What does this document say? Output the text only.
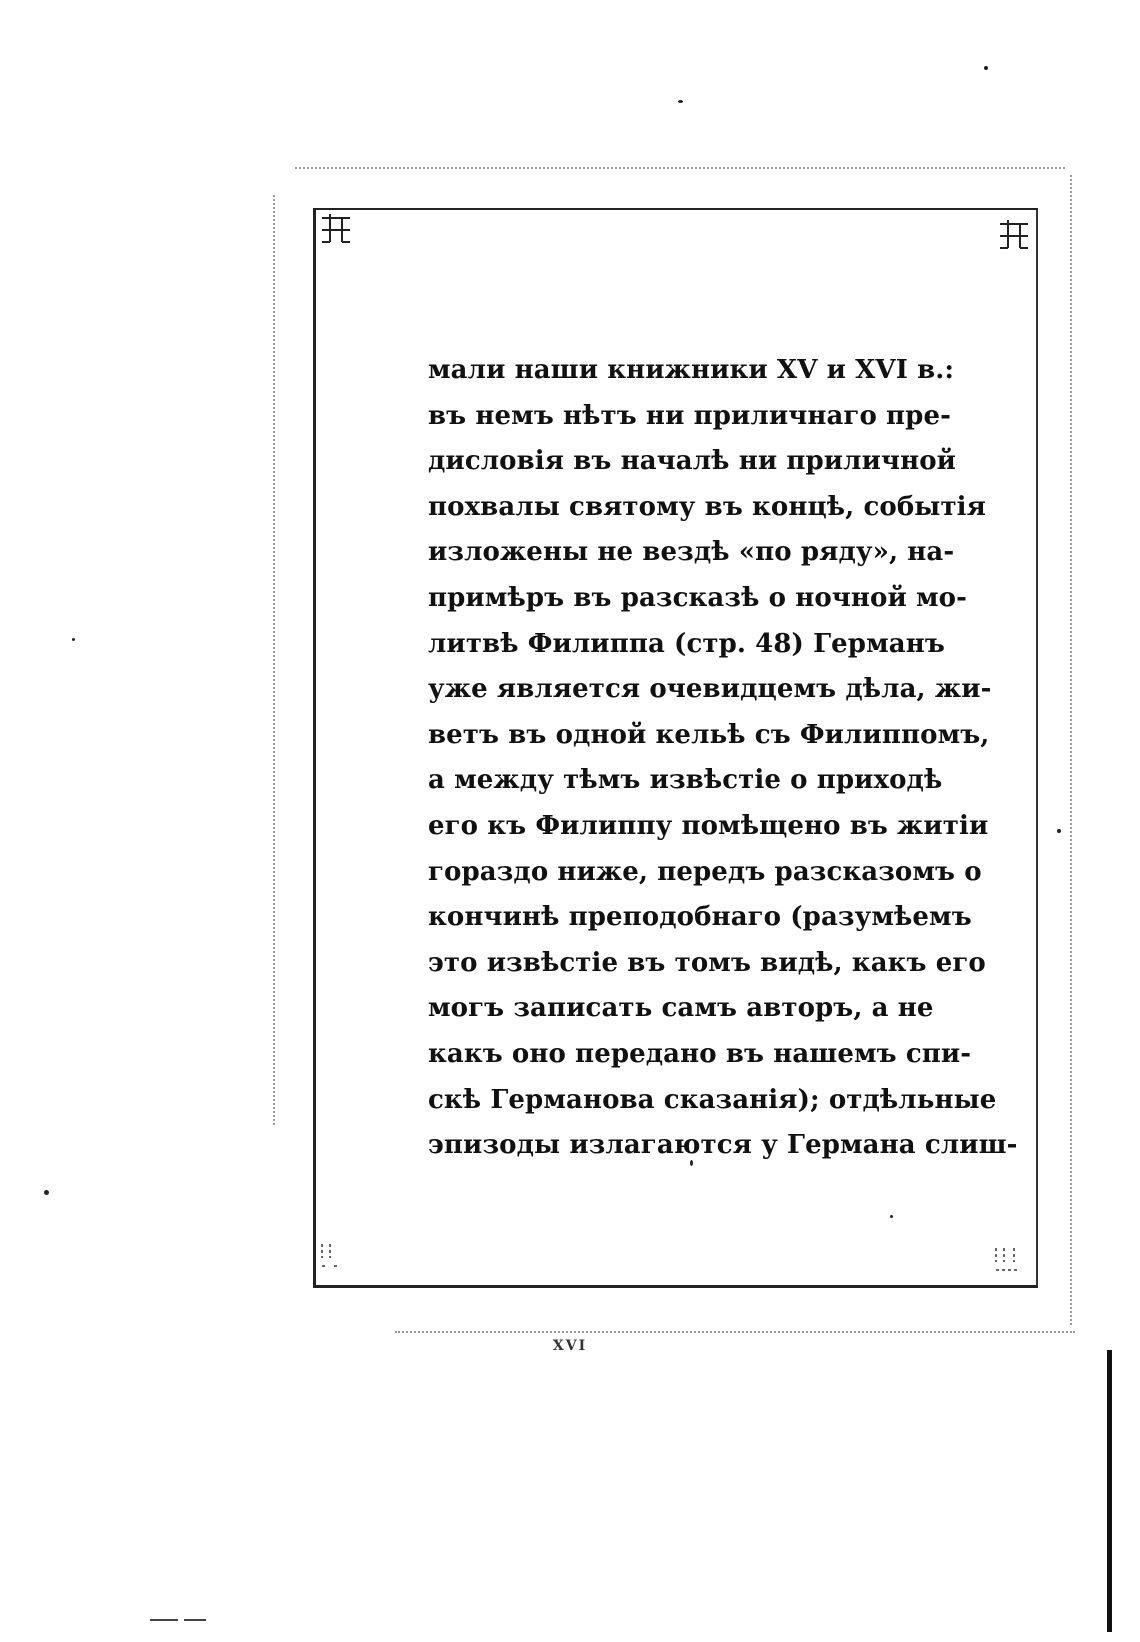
мали наши книжники XV и XVI в.:
въ немъ нѣтъ ни приличнаго пре-
дисловія въ началѣ ни приличной
похвалы святому въ концѣ, событія
изложены не вездѣ «по ряду», на-
примѣръ въ разсказѣ о ночной мо-
литвѣ Филиппа (стр. 48) Германъ
уже является очевидцемъ дѣла, жи-
ветъ въ одной кельѣ съ Филиппомъ,
а между тѣмъ извѣстіе о приходѣ
его къ Филиппу помѣщено въ житіи
гораздо ниже, передъ разсказомъ о
кончинѣ преподобнаго (разумѣемъ
это извѣстіе въ томъ видѣ, какъ его
могъ записать самъ авторъ, а не
какъ оно передано въ нашемъ спи-
скѣ Германова сказанія); отдѣльные
эпизоды излагаются у Германа слиш-
XVI
